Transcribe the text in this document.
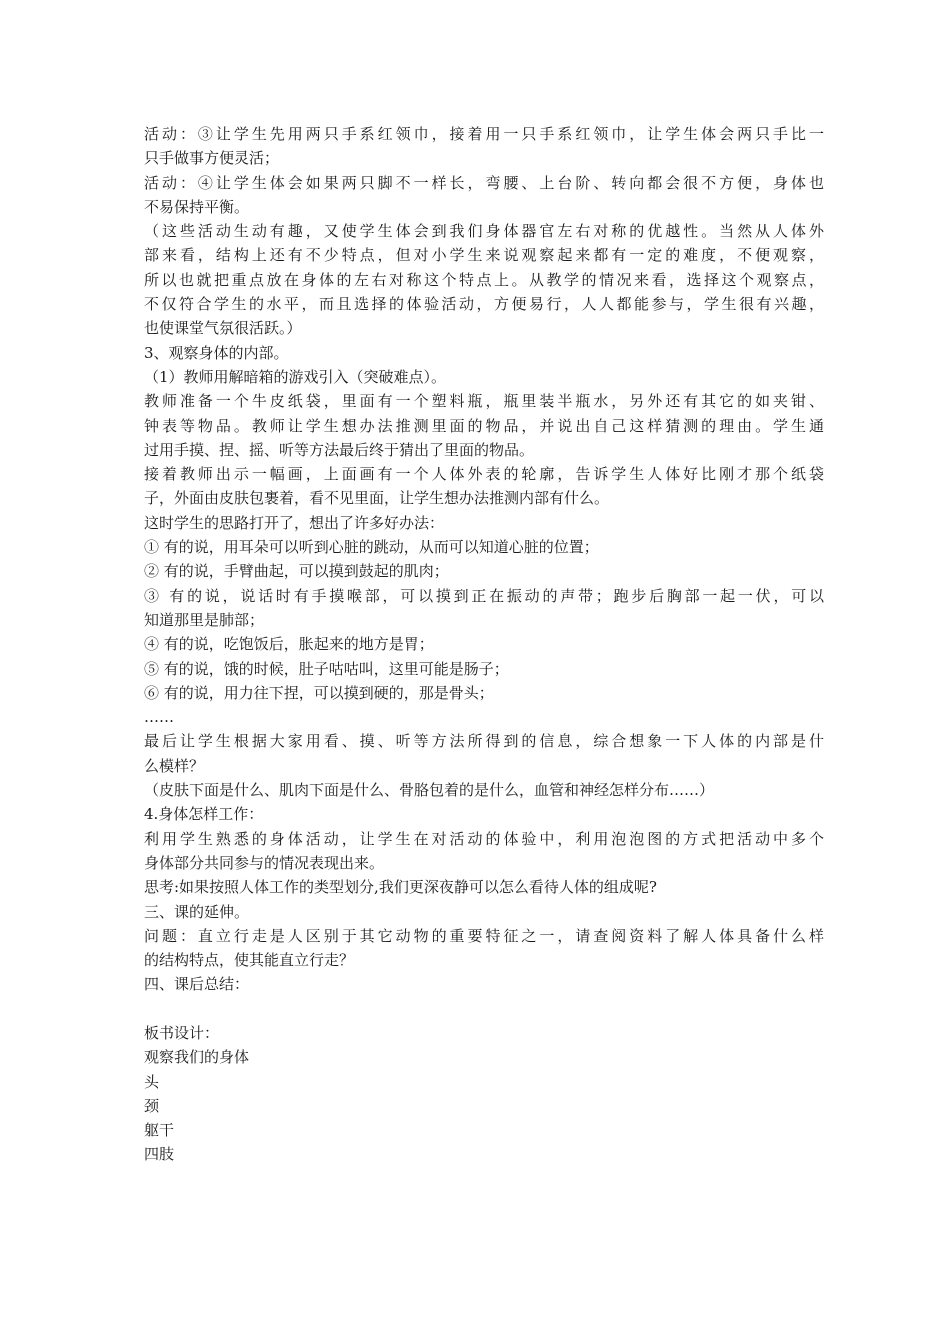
活动：③让学生先用两只手系红领巾，接着用一只手系红领巾，让学生体会两只手比一
只手做事方便灵活；
活动：④让学生体会如果两只脚不一样长，弯腰、上台阶、转向都会很不方便，身体也
不易保持平衡。
（这些活动生动有趣，又使学生体会到我们身体器官左右对称的优越性。当然从人体外
部来看，结构上还有不少特点，但对小学生来说观察起来都有一定的难度，不便观察，
所以也就把重点放在身体的左右对称这个特点上。从教学的情况来看，选择这个观察点，
不仅符合学生的水平，而且选择的体验活动，方便易行，人人都能参与，学生很有兴趣，
也使课堂气氛很活跃。）
3、观察身体的内部。
（1）教师用解暗箱的游戏引入（突破难点）。
教师准备一个牛皮纸袋，里面有一个塑料瓶，瓶里装半瓶水，另外还有其它的如夹钳、
钟表等物品。教师让学生想办法推测里面的物品，并说出自己这样猜测的理由。学生通
过用手摸、捏、摇、听等方法最后终于猜出了里面的物品。
接着教师出示一幅画，上面画有一个人体外表的轮廓，告诉学生人体好比刚才那个纸袋
子，外面由皮肤包裹着，看不见里面，让学生想办法推测内部有什么。
这时学生的思路打开了，想出了许多好办法：
① 有的说，用耳朵可以听到心脏的跳动，从而可以知道心脏的位置；
② 有的说，手臂曲起，可以摸到鼓起的肌肉；
③ 有的说，说话时有手摸喉部，可以摸到正在振动的声带；跑步后胸部一起一伏，可以
知道那里是肺部；
④ 有的说，吃饱饭后，胀起来的地方是胃；
⑤ 有的说，饿的时候，肚子咕咕叫，这里可能是肠子；
⑥ 有的说，用力往下捏，可以摸到硬的，那是骨头；
……
最后让学生根据大家用看、摸、听等方法所得到的信息，综合想象一下人体的内部是什
么模样？
（皮肤下面是什么、肌肉下面是什么、骨胳包着的是什么，血管和神经怎样分布……）
4.身体怎样工作：
利用学生熟悉的身体活动，让学生在对活动的体验中，利用泡泡图的方式把活动中多个
身体部分共同参与的情况表现出来。
思考:如果按照人体工作的类型划分,我们更深夜静可以怎么看待人体的组成呢?
三、课的延伸。
问题：直立行走是人区别于其它动物的重要特征之一，请查阅资料了解人体具备什么样
的结构特点，使其能直立行走？
四、课后总结：
板书设计：
观察我们的身体
头
颈
躯干
四肢
